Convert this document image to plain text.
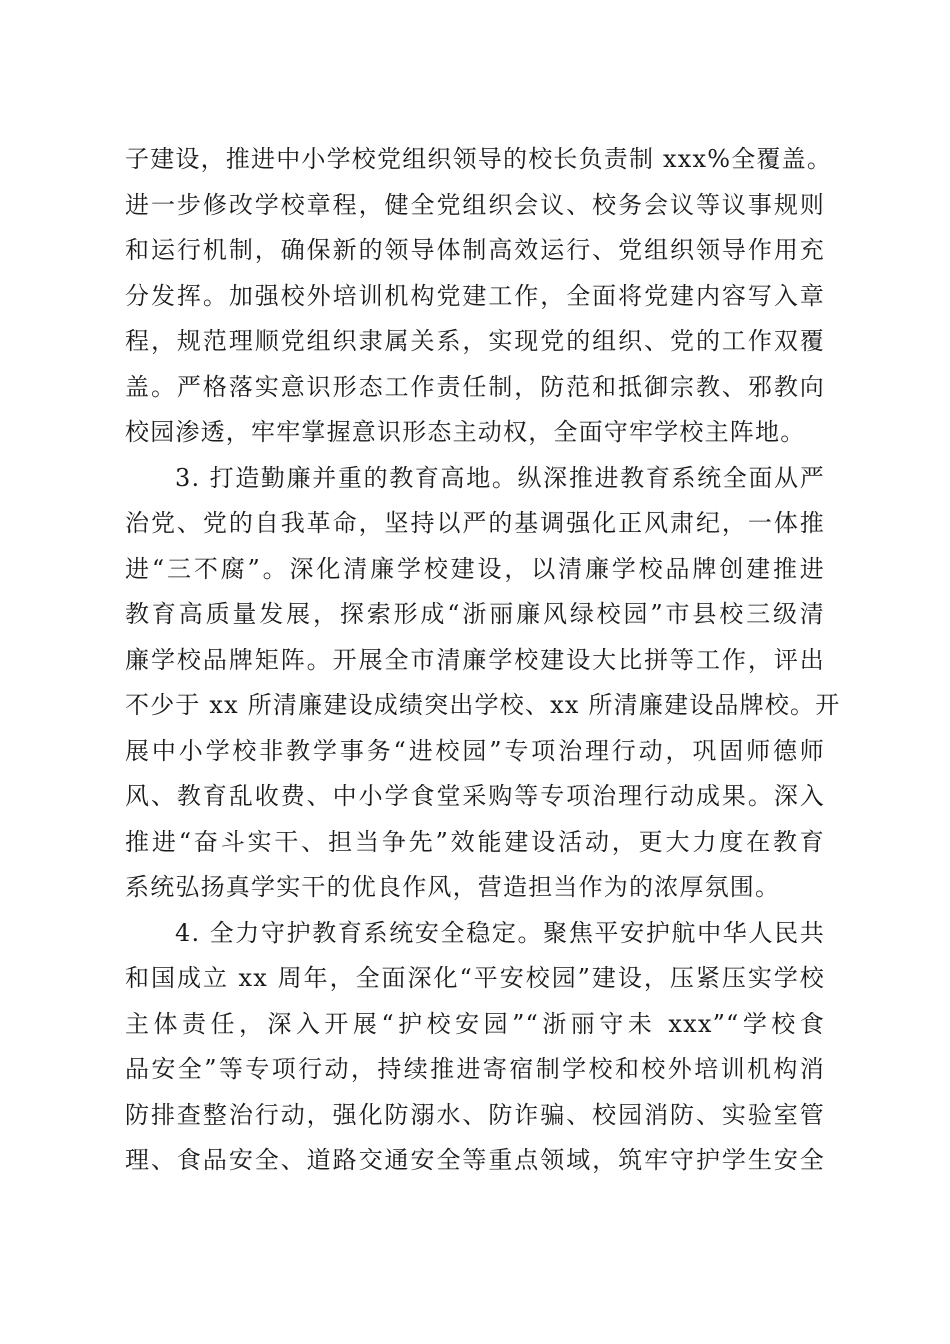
子建设，推进中小学校党组织领导的校长负责制 xxx%全覆盖。
进一步修改学校章程，健全党组织会议、校务会议等议事规则
和运行机制，确保新的领导体制高效运行、党组织领导作用充
分发挥。加强校外培训机构党建工作，全面将党建内容写入章
程，规范理顺党组织隶属关系，实现党的组织、党的工作双覆
盖。严格落实意识形态工作责任制，防范和抵御宗教、邪教向
校园渗透，牢牢掌握意识形态主动权，全面守牢学校主阵地。
3. 打造勤廉并重的教育高地。纵深推进教育系统全面从严
治党、党的自我革命，坚持以严的基调强化正风肃纪，一体推
进“三不腐”。深化清廉学校建设，以清廉学校品牌创建推进
教育高质量发展，探索形成“浙丽廉风绿校园”市县校三级清
廉学校品牌矩阵。开展全市清廉学校建设大比拼等工作，评出
不少于 xx 所清廉建设成绩突出学校、xx 所清廉建设品牌校。开
展中小学校非教学事务“进校园”专项治理行动，巩固师德师
风、教育乱收费、中小学食堂采购等专项治理行动成果。深入
推进“奋斗实干、担当争先”效能建设活动，更大力度在教育
系统弘扬真学实干的优良作风，营造担当作为的浓厚氛围。
4. 全力守护教育系统安全稳定。聚焦平安护航中华人民共
和国成立 xx 周年，全面深化“平安校园”建设，压紧压实学校
主体责任，深入开展“护校安园”“浙丽守未 xxx”“学校食
品安全”等专项行动，持续推进寄宿制学校和校外培训机构消
防排查整治行动，强化防溺水、防诈骗、校园消防、实验室管
理、食品安全、道路交通安全等重点领域，筑牢守护学生安全
